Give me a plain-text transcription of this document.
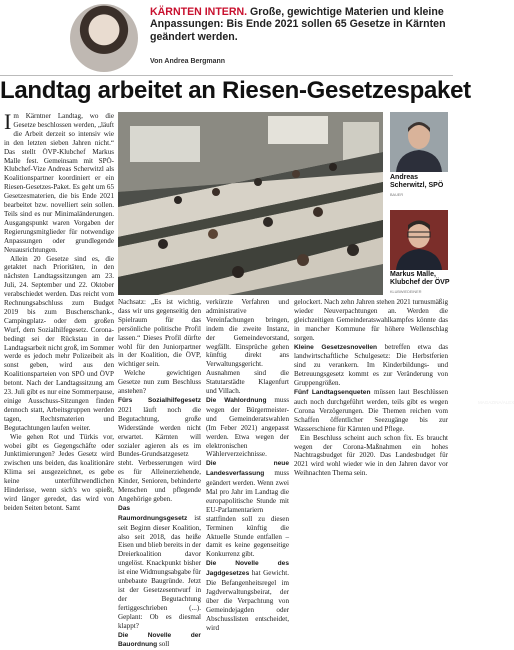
KÄRNTEN INTERN. Große, gewichtige Materien und kleine Anpassungen: Bis Ende 2021 sollen 65 Gesetze in Kärnten geändert werden.
Von Andrea Bergmann
Landtag arbeitet an Riesen-Gesetzespaket

Im Kärntner Landtag, wo die Gesetze beschlossen werden, „läuft die Arbeit derzeit so intensiv wie in den letzten sieben Jahren nicht.“ Das stellt ÖVP-Klubchef Markus Malle fest. Gemeinsam mit SPÖ-Klubchef-Vize Andreas Scherwitzl als Koalitionspartner koordiniert er ein Riesen-Gesetzes-Paket. Es geht um 65 Gesetzesmaterien, die bis Ende 2021 bearbeitet bzw. novelliert sein sollen. Teils sind es nur Minimaländerungen. Ausgangspunkt waren Vorgaben der Regierungsmitglieder für notwendige Anpassungen oder grundlegende Neuausrichtungen.

Allein 20 Gesetze sind es, die getaktet nach Prioritäten, in den nächsten Landtagssitzungen am 23. Juli, 24. September und 22. Oktober verabschiedet werden. Das reicht vom Rechnungsabschluss zum Budget 2019 bis zum Buschenschank-, Campingplatz- oder dem großen Wurf, dem Sozialhilfegesetz. Corona-bedingt sei der Rückstau in der Landtagsarbeit nicht groß, im Sommer werde es jedoch mehr Polizeibeit als sonst geben, wird aus den Koalitionsparteien von SPÖ und ÖVP betont. Nach der Landtagssitzung am 23. Juli gibt es nur eine Sommerpause, einige Ausschuss-Sitzungen finden dennoch statt, Arbeitsgruppen werden tagen, Rechtsmaterien und Begutachtungen laufen weiter.

Wie gehen Rot und Türkis vor, wobei gibt es Gegengschäfte oder Junktimierungen? Jedes Gesetz wird zwischen uns beiden, das koalitionäre Klima sei ausgezeichnet, es gebe keine unterführwendlichen Hinderisse, wenn sich's wo spießt, wird länger geredet, das wird von beiden Seiten betont. Samt

MAGAZINA/ALEX
Andreas Scherwitzl, SPÖ BAUER
Markus Malle, Klubchef der ÖVP KLUBWIEDEINER

Nachsatz: „Es ist wichtig, dass wir uns gegenseitig den Spielraum für das persönliche politische Profil lassen.“ Dieses Profil dürfte wohl für den Juniorpartner in der Koalition, die ÖVP, wichtiger sein.

Welche gewichtigen Gesetze nun zum Beschluss anstehen?

Fürs Sozialhilfegesetz 2021 läuft noch die Begutachtung, große Widerstände werden nicht erwartet. Kärnten will sozialer agieren als es im Bundes-Grundsatzgesetz steht. Verbesserungen wird es für Alleinerziehende, Kinder, Senioren, behinderte Menschen und pflegende Angehörige geben.

Das Raumordnungsgesetz ist seit Beginn dieser Koalition, also seit 2018, das heiße Eisen und blieb bereits in der Dreierkoalition davor ungelöst. Knackpunkt bisher ist eine Widmungsabgabe für unbebaute Baugründe. Jetzt ist der Gesetzesentwurf in der Begutachtung fertiggeschrieben (...). Geplant: Ob es diesmal klappt?

Die Novelle der Bauordnung soll

verkürzte Verfahren und administrative Vereinfachungen bringen, indem die zweite Instanz, der Gemeindevorstand, wegfällt. Einsprüche gehen künftig direkt ans Verwaltungsgericht. Ausnahmen sind die Statutarstädte Klagenfurt und Villach.

Die Wahlordnung muss wegen der Bürgermeister- und Gemeinderatswahlen (Im Feber 2021) angepasst werden. Etwa wegen der elektronischen Wählerverzeichnisse.

Die neue Landesverfassung muss geändert werden. Wenn zwei Mal pro Jahr im Landtag die europapolitische Stunde mit EU-Parlamentariern stattfinden soll zu diesen Terminen künftig die Aktuelle Stunde entfallen – damit es keine gegenseitige Konkurrenz gibt.

Die Novelle des Jagdgesetzes hat Gewicht. Die Befangenheitsregel im Jagdverwaltungsbeirat, der über die Verpachtung von Gemeindejagden oder Abschusslisten entscheidet, wird

gelockert. Nach zehn Jahren stehen 2021 turnusmäßig wieder Neuverpachtungen an. Werden die gleichzeitigen Gemeinderatswahlkampfes könnte das in mancher Kommune für höhere Wellenschlag sorgen.

Kleine Gesetzesnovellen betreffen etwa das landwirtschaftliche Schulgesetz: Die Herbstferien sind zu verankern. Im Kinderbildungs- und Betreuungsgesetz kommt es zur Veränderung von Gruppengrößen.

Fünf Landtagsenqueten müssen laut Beschlüssen auch noch durchgeführt werden, teils gibt es wegen Corona Verzögerungen. Die Themen reichen vom Schaffen öffentlicher Seezugänge bis zur Wasserschiene für Kärnten und Pflege.

Ein Beschluss scheint auch schon fix. Es braucht wegen der Corona-Maßnahmen ein hohes Nachtragsbudget für 2020. Das Landesbudget für 2021 wird wohl wieder wie in den Jahren davor vor Weihnachten Thema sein.
